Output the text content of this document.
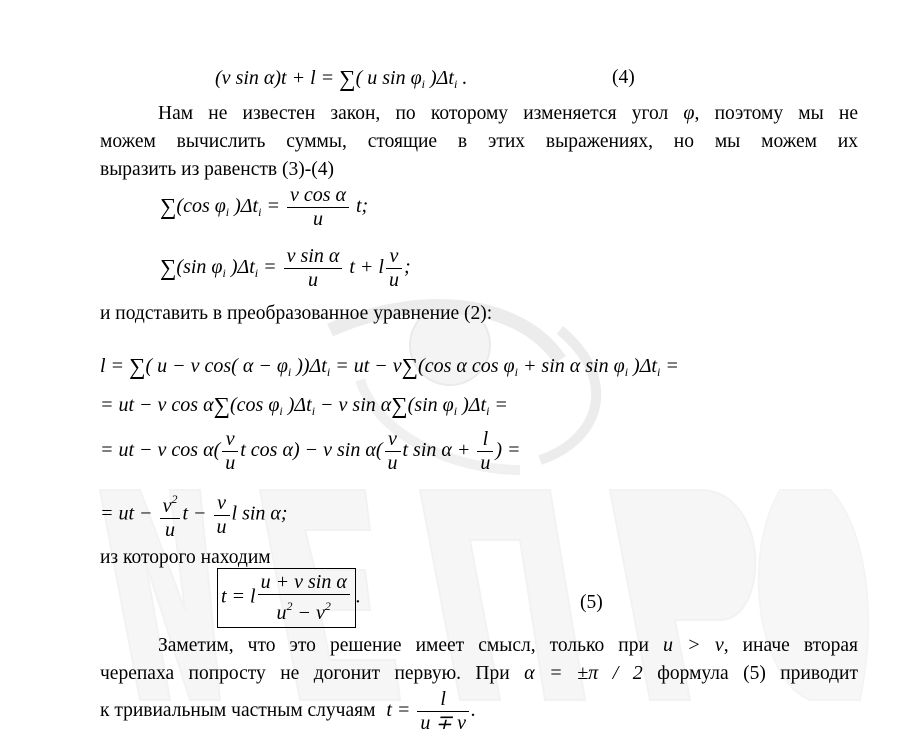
(v sin α)t + l = ∑( u $\sin \varphi_i$ )$\Delta t_i$ .	(4)
Нам не известен закон, по которому изменяется угол φ, поэтому мы не
можем вычислить суммы, стоящие в этих выражениях, но мы можем их
выразить из равенств (3)-(4)
∑(cos $\varphi_i$ )$\Delta t_i = \frac{\text{v cos α}}{u} t$;
∑(sin $\varphi_i$ )$\Delta t_i = \frac{\text{v sin α}}{u}$ t + l $\frac{v}{u}$ ;
и подставить в преобразованное уравнение (2):
l = ∑( u − v cos( $\alpha - \varphi_i$ ))$\Delta t_i$ = ut − v∑(cos α $\cos \varphi_i + \sin \alpha$ $\sin \varphi_i$ )$\Delta t_i$ =
= ut − v cos α∑(cos $\varphi_i$ )$\Delta t_i - v$ sin α∑(sin $\varphi_i$ )$\Delta t_i$ =
= ut − v $\cos \alpha( \frac{v}{u}$ t cos α) − v $\sin \alpha( \frac{v}{u}$ t $\sin \alpha + \frac{l}{u}$ ) =
= ut − $\frac{v^2}{u}$ $t - \frac{v}{u}$ l sin α;
из которого находим
t = l $\frac{\text{u + v sin α}}{u^2 - v^2}$ .	(5)
Заметим, что это решение имеет смысл, только при u > v, иначе вторая
черепаха попросту не догонит первую. При α = ±π / 2 формула (5) приводит
к тривиальным частным случаям $t = \frac{l}{u \mp v}$ .
